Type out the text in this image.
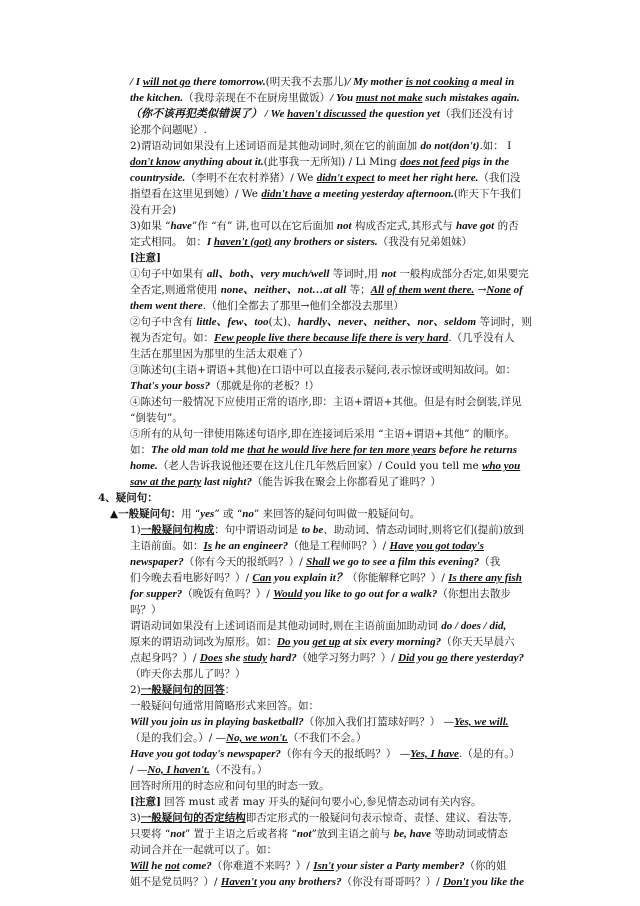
/ I will not go there tomorrow.(明天我不去那儿)/ My mother is not cooking a meal in

the kitchen.（我母亲现在不在厨房里做饭）/ You must not make such mistakes again.

（你不该再犯类似错误了） / We haven't discussed the question yet（我们还没有讨

论那个问题呢）.

2)谓语动词如果没有上述词语而是其他动词时,须在它的前面加 do not(don't).如： I

don't know anything about it.(此事我一无所知) / Li Ming does not feed pigs in the

countryside.（李明不在农村养猪）/ We didn't expect to meet her right here.（我们没

指望看在这里见到她）/ We didn't have a meeting yesterday afternoon.(昨天下午我们

没有开会)

3)如果 “have”作 “有” 讲,也可以在它后面加 not 构成否定式,其形式与 have got 的否

定式相同。 如：I haven't (got) any brothers or sisters.（我没有兄弟姐妹）

[注意]

①句子中如果有 all、both、very much/well 等词时,用 not 一般构成部分否定,如果要完

全否定,则通常使用 none、neither、not…at all 等；All of them went there. →None of

them went there.（他们全都去了那里→他们全都没去那里）

②句子中含有 little、few、too(太)、hardly、never、neither、nor、seldom 等词时，则

视为否定句。如：Few people live there because life there is very hard.（几乎没有人

生活在那里因为那里的生活太艰难了）

③陈述句(主语+谓语+其他)在口语中可以直接表示疑问,表示惊讶或明知故问。如：

That's your boss?（那就是你的老板？!）

④陈述句一般情况下应使用正常的语序,即：主语+谓语+其他。但是有时会倒装,详见

“倒装句”。

⑤所有的从句一律使用陈述句语序,即在连接词后采用 “主语+谓语+其他” 的顺序。

如：The old man told me that he would live here for ten more years before he returns

home.（老人告诉我说他还要在这儿住几年然后回家）/ Could you tell me who you

saw at the party last night?（能告诉我在聚会上你都看见了谁吗？）

4、疑问句：

▲一般疑问句：用 “yes” 或 “no” 来回答的疑问句叫做一般疑问句。

1)一般疑问句构成：句中谓语动词是 to be、助动词、情态动词时,则将它们(提前)放到

主语前面。如：Is he an engineer?（他是工程师吗？）/ Have you got today's

newspaper?（你有今天的报纸吗？）/ Shall we go to see a film this evening?（我

们今晚去看电影好吗？）/ Can you explain it？（你能解释它吗？）/ Is there any fish

for supper?（晚饭有鱼吗？）/ Would you like to go out for a walk?（你想出去散步

吗？）

谓语动词如果没有上述词语而是其他动词时,则在主语前面加助动词 do / does / did,

原来的谓语动词改为原形。如：Do you get up at six every morning?（你天天早晨六

点起身吗？）/ Does she study hard?（她学习努力吗？）/ Did you go there yesterday?

（昨天你去那儿了吗？）

2)一般疑问句的回答：

一般疑问句通常用简略形式来回答。如：

Will you join us in playing basketball?（你加入我们打篮球好吗？） —Yes, we will.

（是的我们会。）/ —No, we won't.（不我们不会。）

Have you got today's newspaper?（你有今天的报纸吗？） —Yes, I have.（是的有。）

/ —No, I haven't.（不没有。）

回答时所用的时态应和问句里的时态一致。

[注意] 回答 must 或者 may 开头的疑问句要小心,参见情态动词有关内容。

3)一般疑问句的否定结构即否定形式的一般疑问句表示惊奇、责怪、建议、看法等,

只要将 “not” 置于主语之后或者将 “not”放到主语之前与 be, have 等助动词或情态

动词合并在一起就可以了。如：

Will he not come?（你难道不来吗？）/ Isn't your sister a Party member?（你的姐

姐不是党员吗？）/ Haven't you any brothers?（你没有哥哥吗？）/ Don't you like the
